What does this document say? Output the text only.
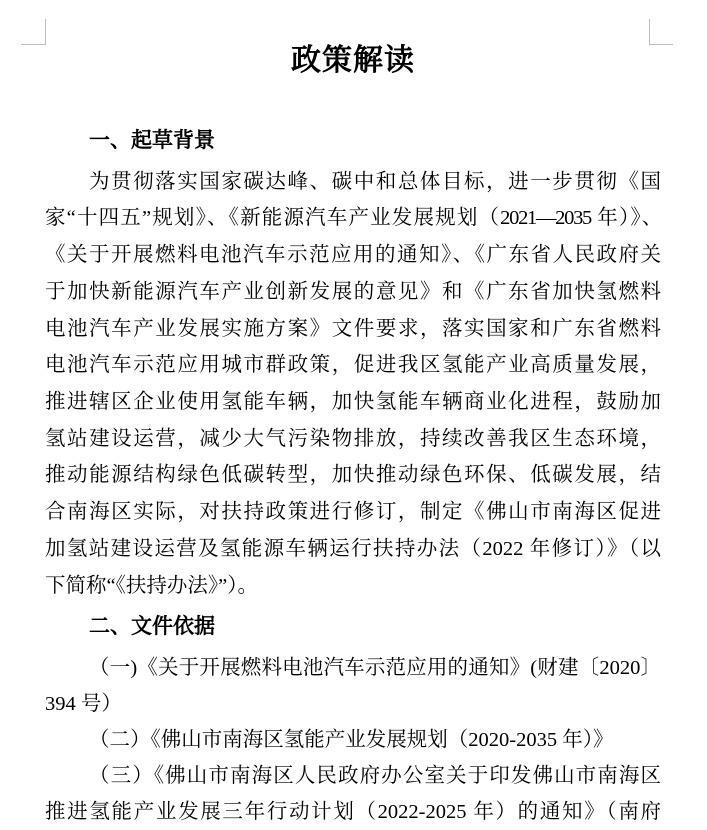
政策解读
一、起草背景
为贯彻落实国家碳达峰、碳中和总体目标，进一步贯彻《国
家“十四五”规划》、《新能源汽车产业发展规划（2021—2035 年）》、
《关于开展燃料电池汽车示范应用的通知》、《广东省人民政府关
于加快新能源汽车产业创新发展的意见》和《广东省加快氢燃料
电池汽车产业发展实施方案》文件要求，落实国家和广东省燃料
电池汽车示范应用城市群政策，促进我区氢能产业高质量发展，
推进辖区企业使用氢能车辆，加快氢能车辆商业化进程，鼓励加
氢站建设运营，减少大气污染物排放，持续改善我区生态环境，
推动能源结构绿色低碳转型，加快推动绿色环保、低碳发展，结
合南海区实际，对扶持政策进行修订，制定《佛山市南海区促进
加氢站建设运营及氢能源车辆运行扶持办法（2022 年修订）》（以
下简称“《扶持办法》”）。
二、文件依据
（一)《关于开展燃料电池汽车示范应用的通知》(财建〔2020〕
394 号）
（二）《佛山市南海区氢能产业发展规划（2020-2035 年）》
（三）《佛山市南海区人民政府办公室关于印发佛山市南海区
推进氢能产业发展三年行动计划（2022-2025 年）的通知》（南府
